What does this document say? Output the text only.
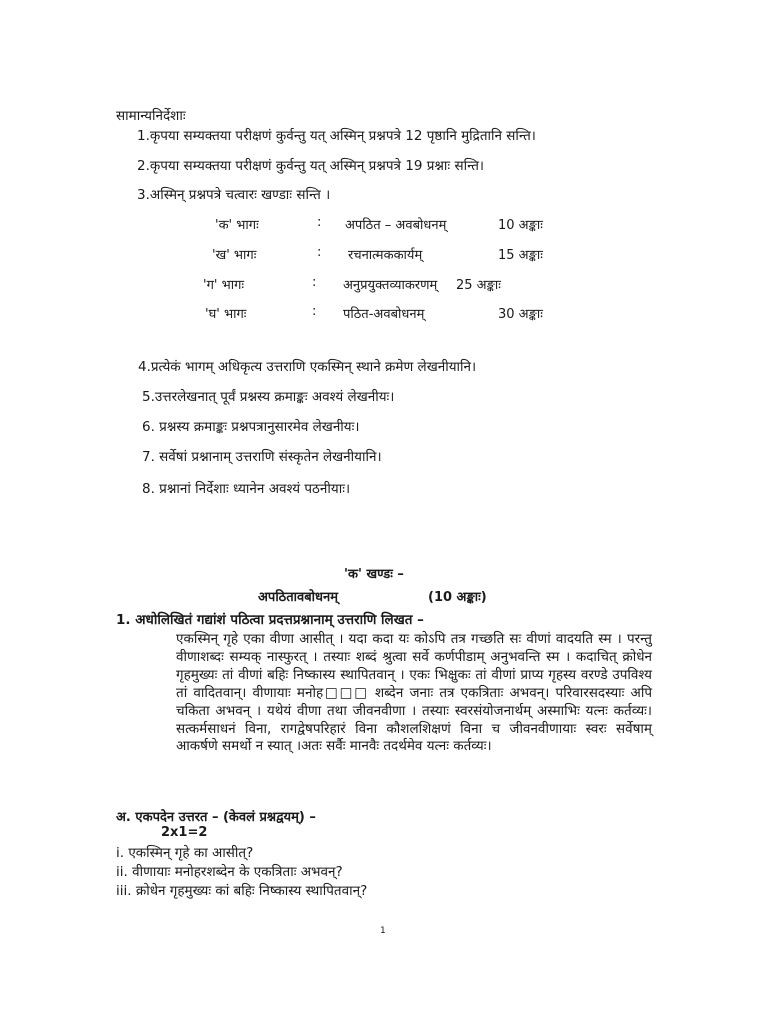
सामान्यनिर्देशाः
1.कृपया सम्यक्तया परीक्षणं कुर्वन्तु यत् अस्मिन् प्रश्नपत्रे 12 पृष्ठानि मुद्रितानि सन्ति।
2.कृपया सम्यक्तया परीक्षणं कुर्वन्तु यत् अस्मिन् प्रश्नपत्रे 19 प्रश्नाः सन्ति।
3.अस्मिन् प्रश्नपत्रे चत्वारः खण्डाः सन्ति ।
'क' भागः	: अपठित – अवबोधनम्	10 अङ्काः
'ख' भागः	: रचनात्मककार्यम्	15 अङ्काः
'ग' भागः	: अनुप्रयुक्तव्याकरणम् 25 अङ्काः
'घ' भागः	: पठित-अवबोधनम्	30 अङ्काः
4.प्रत्येकं भागम् अधिकृत्य उत्तराणि एकस्मिन् स्थाने क्रमेण लेखनीयानि।
5.उत्तरलेखनात् पूर्वं प्रश्नस्य क्रमाङ्कः अवश्यं लेखनीयः।
6. प्रश्नस्य क्रमाङ्कः प्रश्नपत्रानुसारमेव लेखनीयः।
7. सर्वेषां प्रश्नानाम् उत्तराणि संस्कृतेन लेखनीयानि।
8. प्रश्नानां निर्देशाः ध्यानेन अवश्यं पठनीयाः।
'क' खण्डः –
अपठितावबोधनम्	(10 अङ्काः)
1. अधोलिखितं गद्यांशं पठित्वा प्रदत्तप्रश्नानाम् उत्तराणि लिखत –
एकस्मिन् गृहे एका वीणा आसीत् । यदा कदा यः कोऽपि तत्र गच्छति सः वीणां वादयति स्म । परन्तु वीणाशब्दः सम्यक् नास्फुरत् । तस्याः शब्दं श्रुत्वा सर्वे कर्णपीडाम् अनुभवन्ति स्म । कदाचित् क्रोधेन गृहमुख्यः तां वीणां बहिः निष्कास्य स्थापितवान् । एकः भिक्षुकः तां वीणां प्राप्य गृहस्य वरण्डे उपविश्य तां वादितवान्। वीणायाः मनोह□□□ शब्देन जनाः तत्र एकत्रिताः अभवन्। परिवारसदस्याः अपि चकिता अभवन् । यथेयं वीणा तथा जीवनवीणा । तस्याः स्वरसंयोजनार्थम् अस्माभिः यत्नः कर्तव्यः। सत्कर्मसाधनं विना, रागद्वेषपरिहारं विना कौशलशिक्षणं विना च जीवनवीणायाः स्वरः सर्वेषाम् आकर्षणे समर्थो न स्यात् ।अतः सर्वैः मानवैः तदर्थमेव यत्नः कर्तव्यः।
अ. एकपदेन उत्तरत – (केवलं प्रश्नद्वयम्) –
2x1=2
i. एकस्मिन् गृहे का आसीत्?
ii. वीणायाः मनोहरशब्देन के एकत्रिताः अभवन्?
iii. क्रोधेन गृहमुख्यः कां बहिः निष्कास्य स्थापितवान्?
1
